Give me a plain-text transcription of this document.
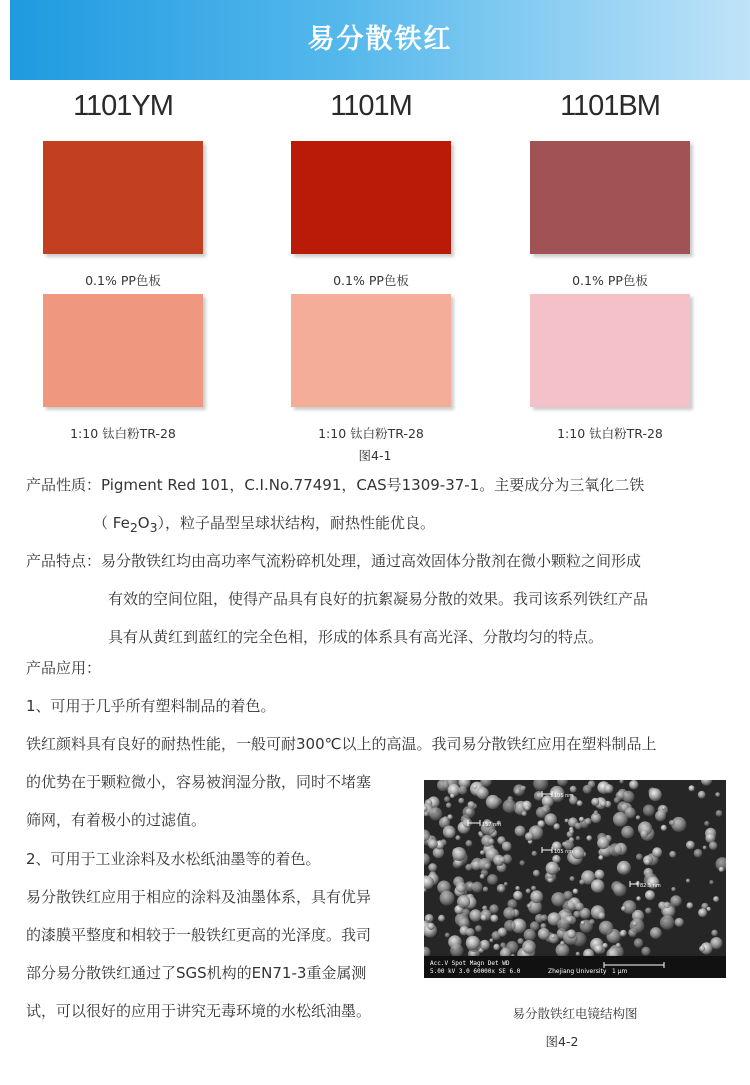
易分散铁红
1101YM
0.1% PP色板
1:10 钛白粉TR-28
1101M
0.1% PP色板
1:10 钛白粉TR-28
1101BM
0.1% PP色板
1:10 钛白粉TR-28
图4-1
产品性质：Pigment Red 101，C.I.No.77491，CAS号1309-37-1。主要成分为三氧化二铁
（ $Fe_2O_3$），粒子晶型呈球状结构，耐热性能优良。
产品特点：易分散铁红均由高功率气流粉碎机处理，通过高效固体分散剂在微小颗粒之间形成
有效的空间位阻，使得产品具有良好的抗絮凝易分散的效果。我司该系列铁红产品
具有从黄红到蓝红的完全色相，形成的体系具有高光泽、分散均匀的特点。
产品应用：
1、可用于几乎所有塑料制品的着色。
铁红颜料具有良好的耐热性能，一般可耐300℃以上的高温。我司易分散铁红应用在塑料制品上
的优势在于颗粒微小，容易被润湿分散，同时不堵塞
筛网，有着极小的过滤值。
2、可用于工业涂料及水松纸油墨等的着色。
易分散铁红应用于相应的涂料及油墨体系，具有优异
的漆膜平整度和相较于一般铁红更高的光泽度。我司
部分易分散铁红通过了SGS机构的EN71-3重金属测
试，可以很好的应用于讲究无毒环境的水松纸油墨。
105 nm
157 nm
105 nm
82.5 nm
Acc.V Spot Magn Det WD
5.00 kV 3.0 60000x SE 6.0	Zhejiang University 1 μm
易分散铁红电镜结构图
图4-2
